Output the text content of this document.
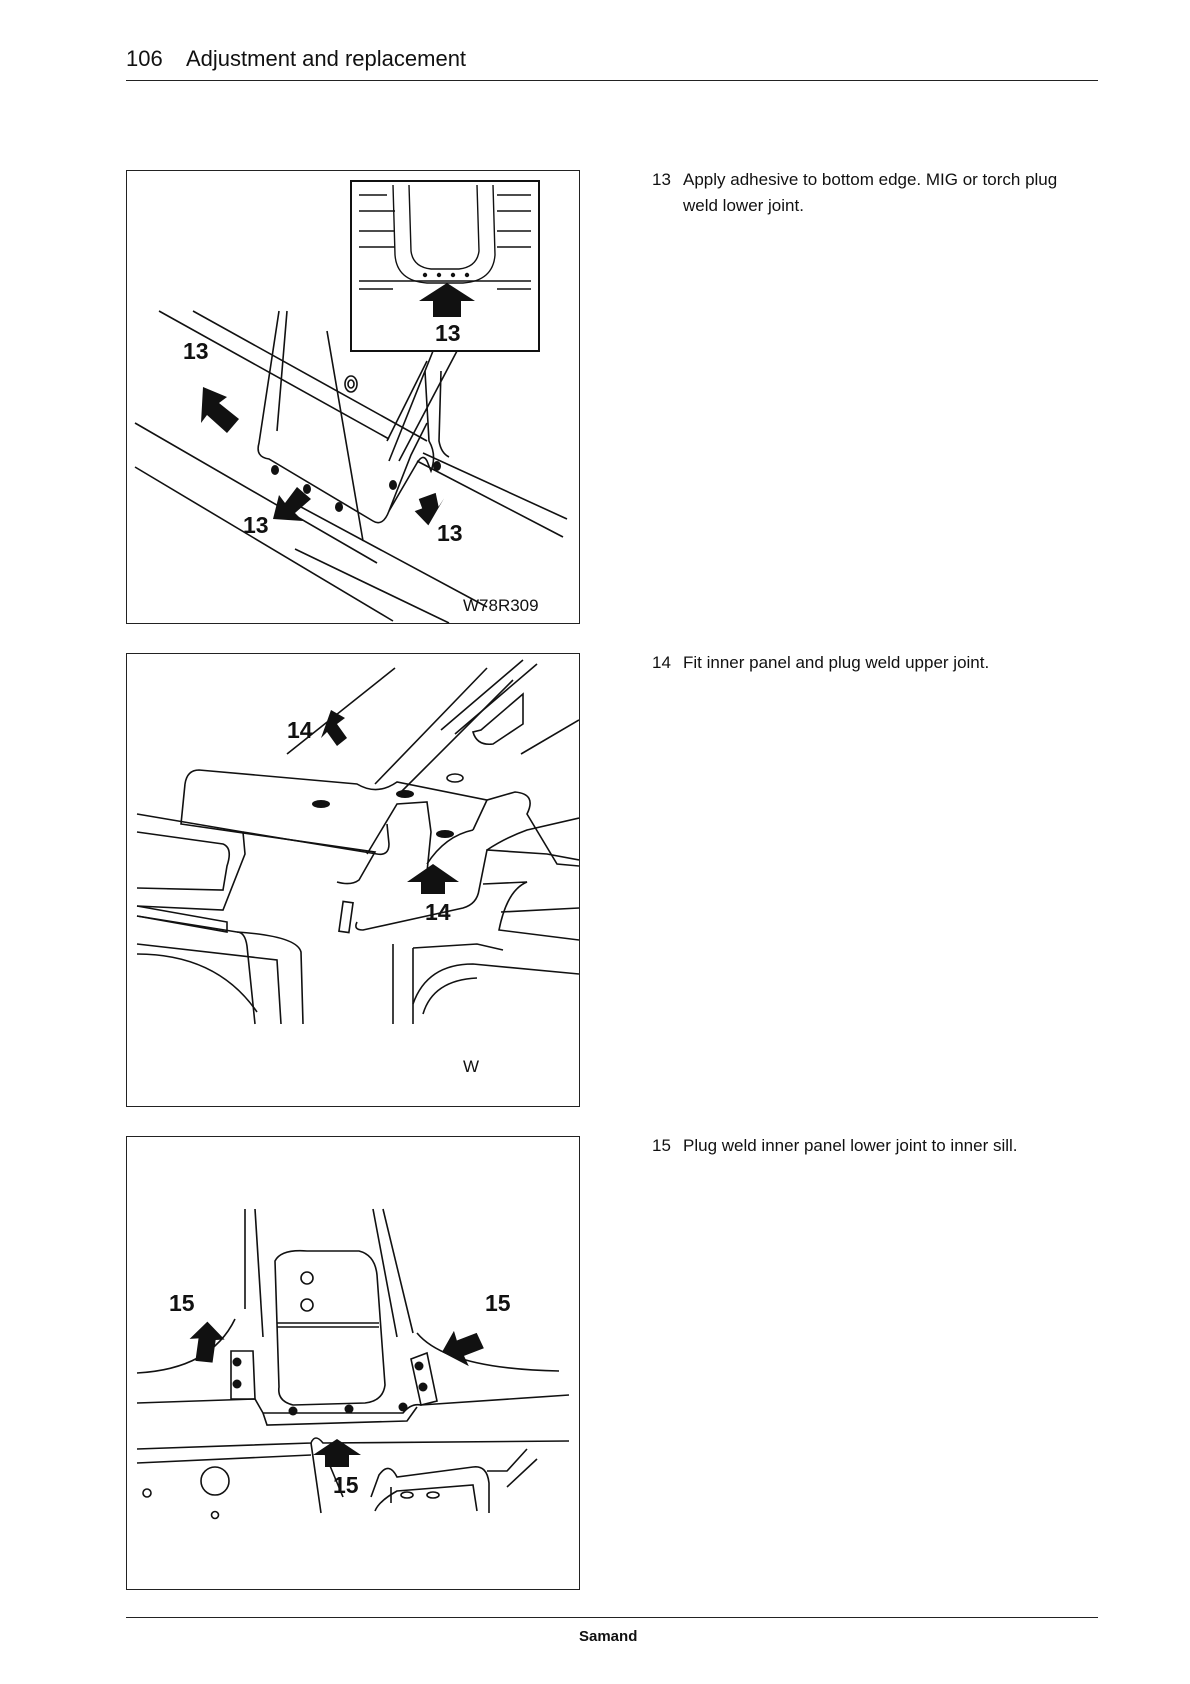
106 Adjustment and replacement
13
13
13	13
W78R309
14
14
W
15	15
15
13 Apply adhesive to bottom edge. MIG or torch plug weld lower joint.
14 Fit inner panel and plug weld upper joint.
15 Plug weld inner panel lower joint to inner sill.
Samand
